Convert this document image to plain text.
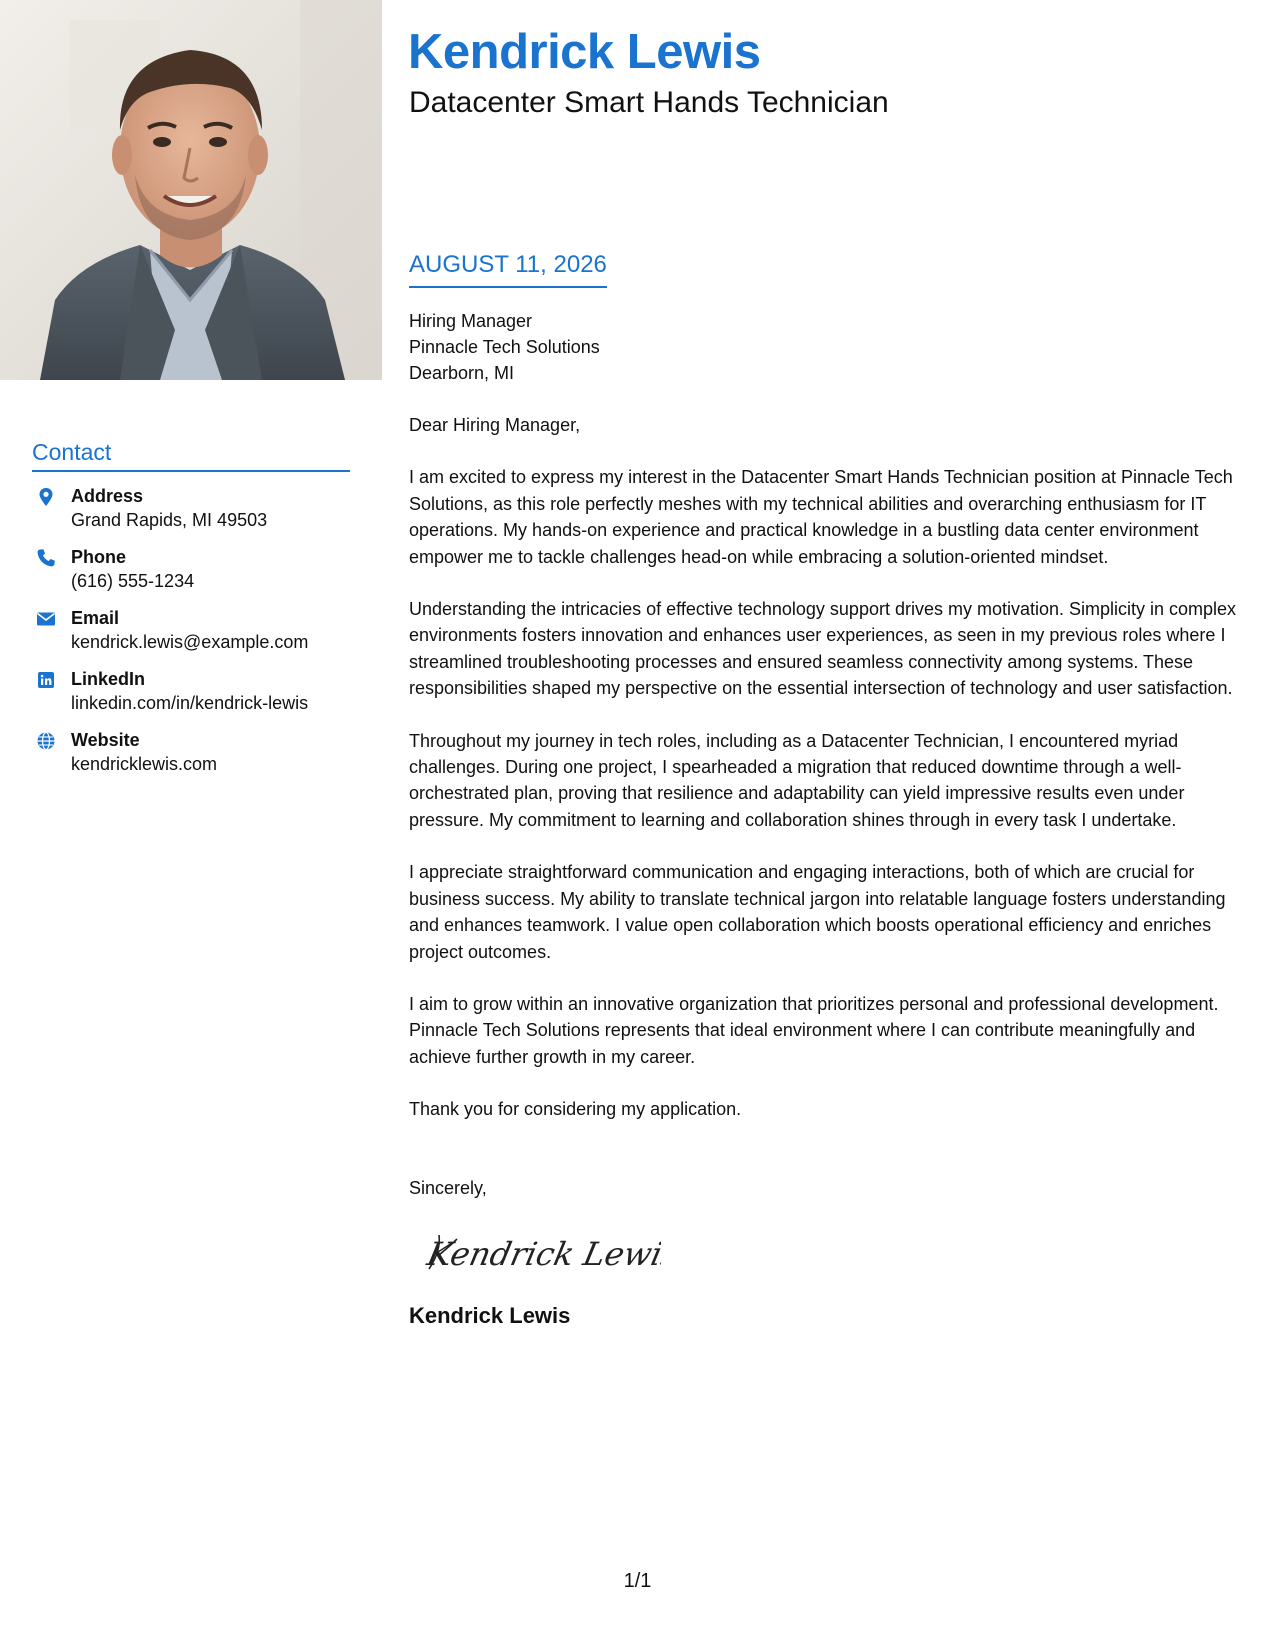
Contact
Address
Grand Rapids, MI 49503
Phone
(616) 555-1234
Email
kendrick.lewis@example.com
LinkedIn
linkedin.com/in/kendrick-lewis
Website
kendricklewis.com
Kendrick Lewis
Datacenter Smart Hands Technician
AUGUST 11, 2026
Hiring Manager
Pinnacle Tech Solutions
Dearborn, MI
Dear Hiring Manager,
I am excited to express my interest in the Datacenter Smart Hands Technician position at Pinnacle Tech Solutions, as this role perfectly meshes with my technical abilities and overarching enthusiasm for IT operations. My hands-on experience and practical knowledge in a bustling data center environment empower me to tackle challenges head-on while embracing a solution-oriented mindset.
Understanding the intricacies of effective technology support drives my motivation. Simplicity in complex environments fosters innovation and enhances user experiences, as seen in my previous roles where I streamlined troubleshooting processes and ensured seamless connectivity among systems. These responsibilities shaped my perspective on the essential intersection of technology and user satisfaction.
Throughout my journey in tech roles, including as a Datacenter Technician, I encountered myriad challenges. During one project, I spearheaded a migration that reduced downtime through a well-orchestrated plan, proving that resilience and adaptability can yield impressive results even under pressure. My commitment to learning and collaboration shines through in every task I undertake.
I appreciate straightforward communication and engaging interactions, both of which are crucial for business success. My ability to translate technical jargon into relatable language fosters understanding and enhances teamwork. I value open collaboration which boosts operational efficiency and enriches project outcomes.
I aim to grow within an innovative organization that prioritizes personal and professional development. Pinnacle Tech Solutions represents that ideal environment where I can contribute meaningfully and achieve further growth in my career.
Thank you for considering my application.
Sincerely,
Kendrick Lewis
Kendrick Lewis
1/1
